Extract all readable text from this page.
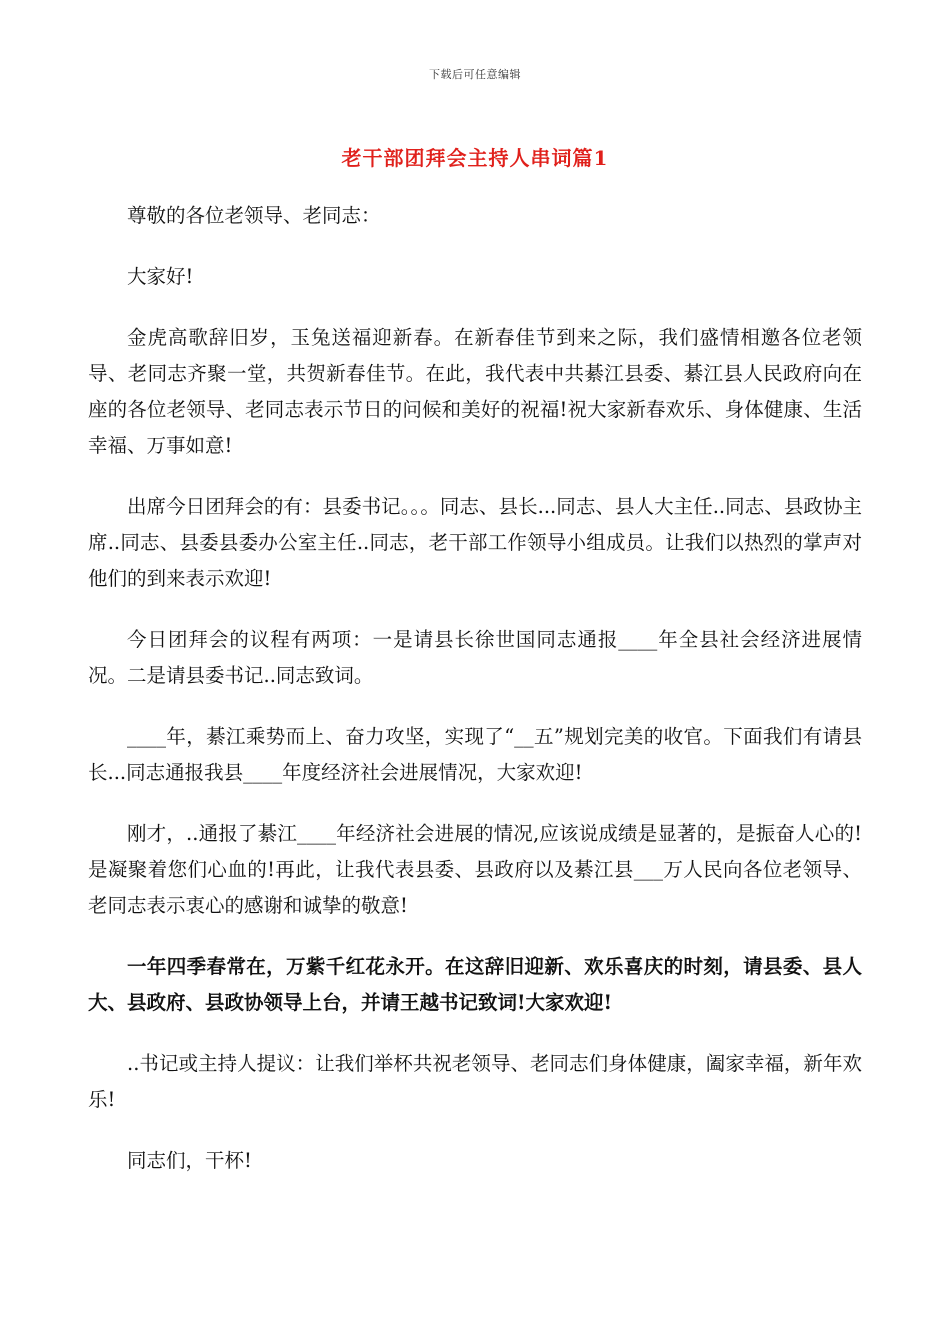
下载后可任意编辑
老干部团拜会主持人串词篇1

尊敬的各位老领导、老同志：

大家好!

金虎高歌辞旧岁，玉兔送福迎新春。在新春佳节到来之际，我们盛情相邀各位老领导、老同志齐聚一堂，共贺新春佳节。在此，我代表中共綦江县委、綦江县人民政府向在座的各位老领导、老同志表示节日的问候和美好的祝福!祝大家新春欢乐、身体健康、生活幸福、万事如意!

出席今日团拜会的有：县委书记。。。同志、县长...同志、县人大主任..同志、县政协主席..同志、县委县委办公室主任..同志，老干部工作领导小组成员。让我们以热烈的掌声对他们的到来表示欢迎!

今日团拜会的议程有两项：一是请县长徐世国同志通报____年全县社会经济进展情况。二是请县委书记..同志致词。

____年，綦江乘势而上、奋力攻坚，实现了“__五”规划完美的收官。下面我们有请县长...同志通报我县____年度经济社会进展情况，大家欢迎!

刚才，..通报了綦江____年经济社会进展的情况,应该说成绩是显著的，是振奋人心的!是凝聚着您们心血的!再此，让我代表县委、县政府以及綦江县___万人民向各位老领导、老同志表示衷心的感谢和诚挚的敬意!

一年四季春常在，万紫千红花永开。在这辞旧迎新、欢乐喜庆的时刻，请县委、县人大、县政府、县政协领导上台，并请王越书记致词!大家欢迎!

..书记或主持人提议：让我们举杯共祝老领导、老同志们身体健康，阖家幸福，新年欢乐!

同志们，干杯!
